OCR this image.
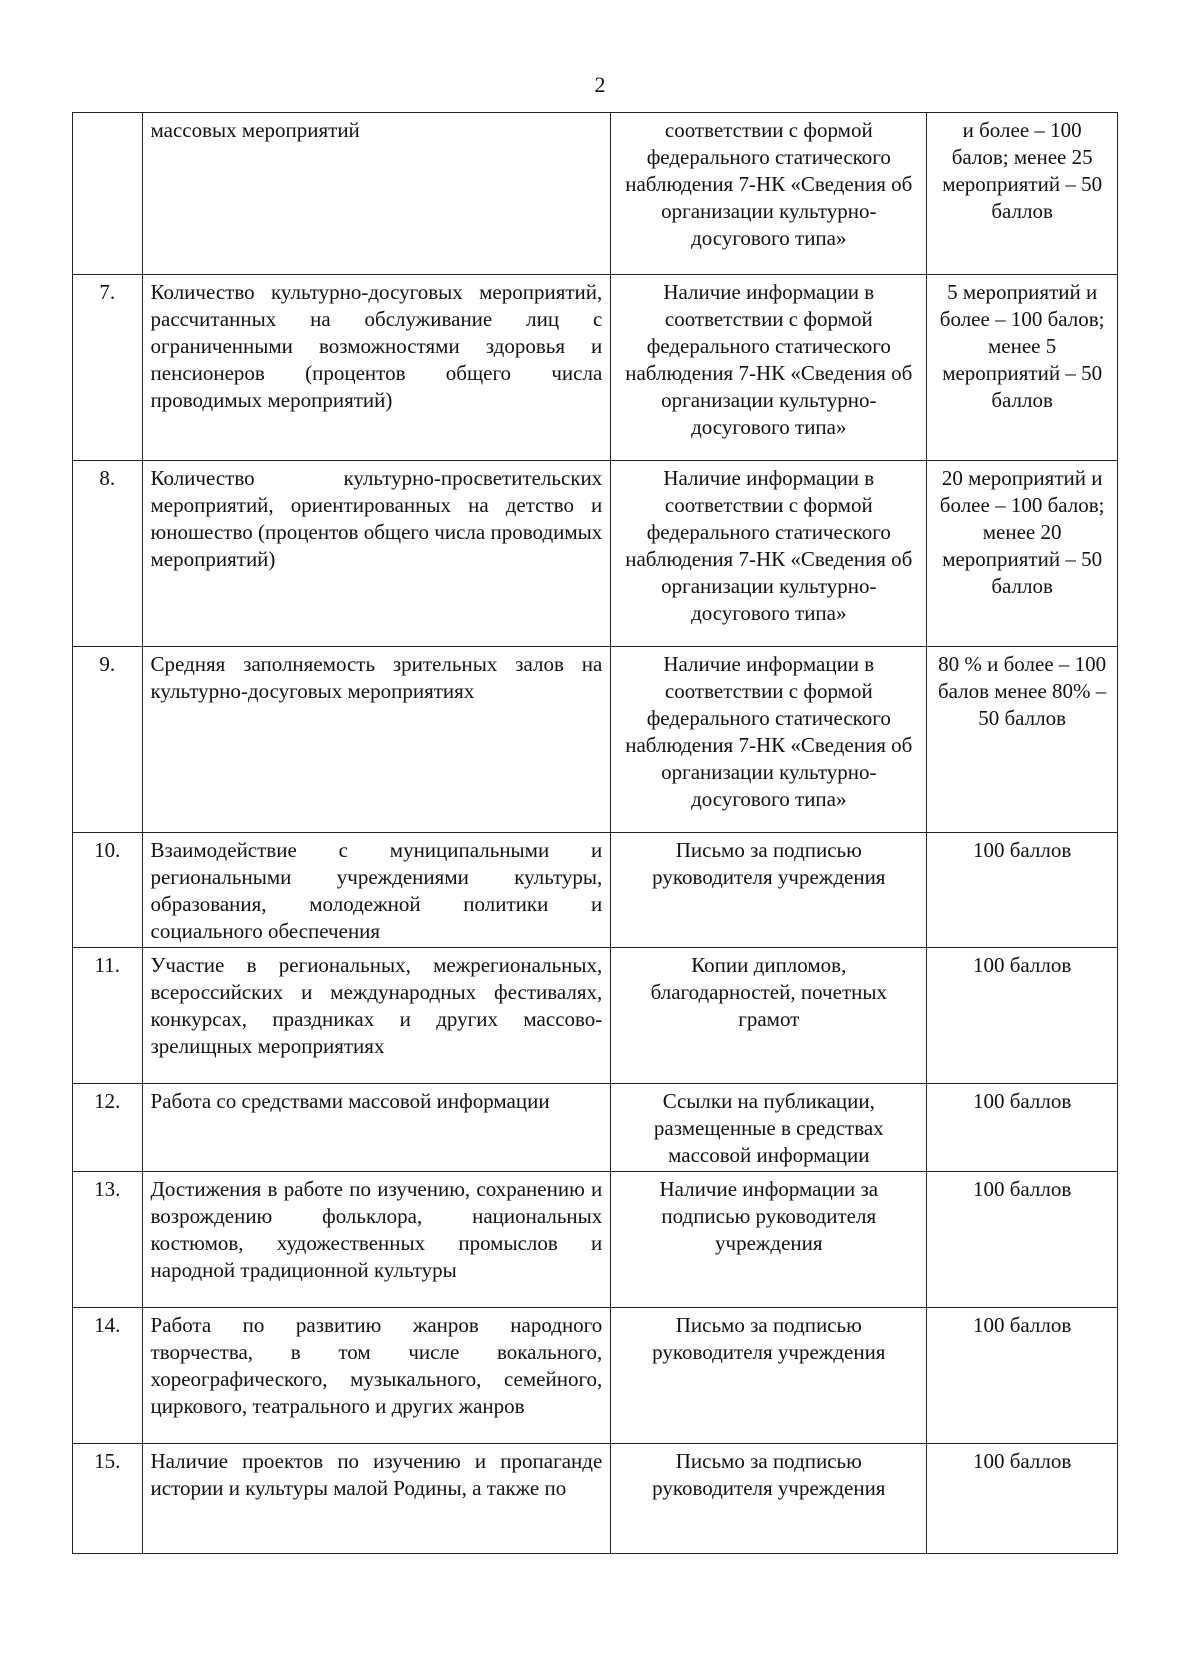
2
	массовых мероприятий	соответствии с формой федерального статического наблюдения 7-НК «Сведения об организации культурно-досугового типа»	и более – 100 балов; менее 25 мероприятий – 50 баллов
7.	Количество культурно-досуговых мероприятий, рассчитанных на обслуживание лиц с ограниченными возможностями здоровья и пенсионеров (процентов общего числа проводимых мероприятий)	Наличие информации в соответствии с формой федерального статического наблюдения 7-НК «Сведения об организации культурно-досугового типа»	5 мероприятий и более – 100 балов; менее 5 мероприятий – 50 баллов
8.	Количество культурно-просветительских мероприятий, ориентированных на детство и юношество (процентов общего числа проводимых мероприятий)	Наличие информации в соответствии с формой федерального статического наблюдения 7-НК «Сведения об организации культурно-досугового типа»	20 мероприятий и более – 100 балов; менее 20 мероприятий – 50 баллов
9.	Средняя заполняемость зрительных залов на культурно-досуговых мероприятиях	Наличие информации в соответствии с формой федерального статического наблюдения 7-НК «Сведения об организации культурно-досугового типа»	80 % и более – 100 балов менее 80% – 50 баллов
10.	Взаимодействие с муниципальными и региональными учреждениями культуры, образования, молодежной политики и социального обеспечения	Письмо за подписью руководителя учреждения	100 баллов
11.	Участие в региональных, межрегиональных, всероссийских и международных фестивалях, конкурсах, праздниках и других массово-зрелищных мероприятиях	Копии дипломов, благодарностей, почетных грамот	100 баллов
12.	Работа со средствами массовой информации	Ссылки на публикации, размещенные в средствах массовой информации	100 баллов
13.	Достижения в работе по изучению, сохранению и возрождению фольклора, национальных костюмов, художественных промыслов и народной традиционной культуры	Наличие информации за подписью руководителя учреждения	100 баллов
14.	Работа по развитию жанров народного творчества, в том числе вокального, хореографического, музыкального, семейного, циркового, театрального и других жанров	Письмо за подписью руководителя учреждения	100 баллов
15.	Наличие проектов по изучению и пропаганде истории и культуры малой Родины, а также по	Письмо за подписью руководителя учреждения	100 баллов
